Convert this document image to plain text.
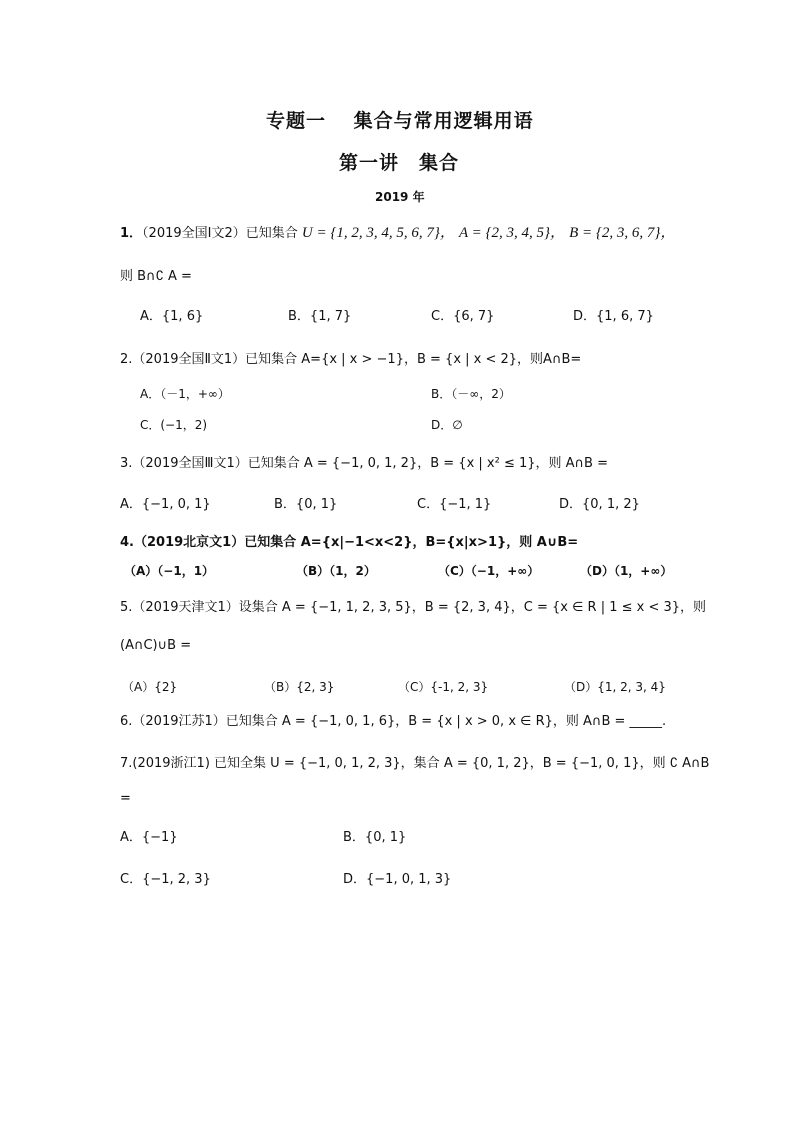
专题一　 集合与常用逻辑用语
第一讲　集合
2019 年
1．（2019全国Ⅰ文2）已知集合 U = {1, 2, 3, 4, 5, 6, 7}， A = {2, 3, 4, 5}， B = {2, 3, 6, 7}，
则 B∩∁ A =
A．{1, 6}	B．{1, 7}	C．{6, 7}	D．{1, 6, 7}
2.（2019全国Ⅱ文1）已知集合 A={x | x > −1}，B = {x | x < 2}，则A∩B=
A．（－1，+∞）	B．（－∞，2）
C．(−1，2)	D．∅
3.（2019全国Ⅲ文1）已知集合 A = {−1, 0, 1, 2}，B = {x | x² ≤ 1}，则 A∩B =
A．{−1, 0, 1}	B．{0, 1}	C．{−1, 1}	D．{0, 1, 2}
4.（2019北京文1）已知集合 A={x|−1<x<2}，B={x|x>1}，则 A∪B=
（A）（−1，1）	（B）（1，2）	（C）（−1，+∞）	（D）（1，+∞）
5.（2019天津文1）设集合 A = {−1, 1, 2, 3, 5}，B = {2, 3, 4}，C = {x ∈ R | 1 ≤ x < 3}，则
(A∩C)∪B =
（A）{2}	（B）{2, 3}	（C）{-1, 2, 3}	（D）{1, 2, 3, 4}
6.（2019江苏1）已知集合 A = {−1, 0, 1, 6}，B = {x | x > 0, x ∈ R}，则 A∩B = _____.
7.(2019浙江1) 已知全集 U = {−1, 0, 1, 2, 3}，集合 A = {0, 1, 2}，B = {−1, 0, 1}，则 ∁ A∩B
=
A．{−1}	B．{0, 1}
C．{−1, 2, 3}	D．{−1, 0, 1, 3}
